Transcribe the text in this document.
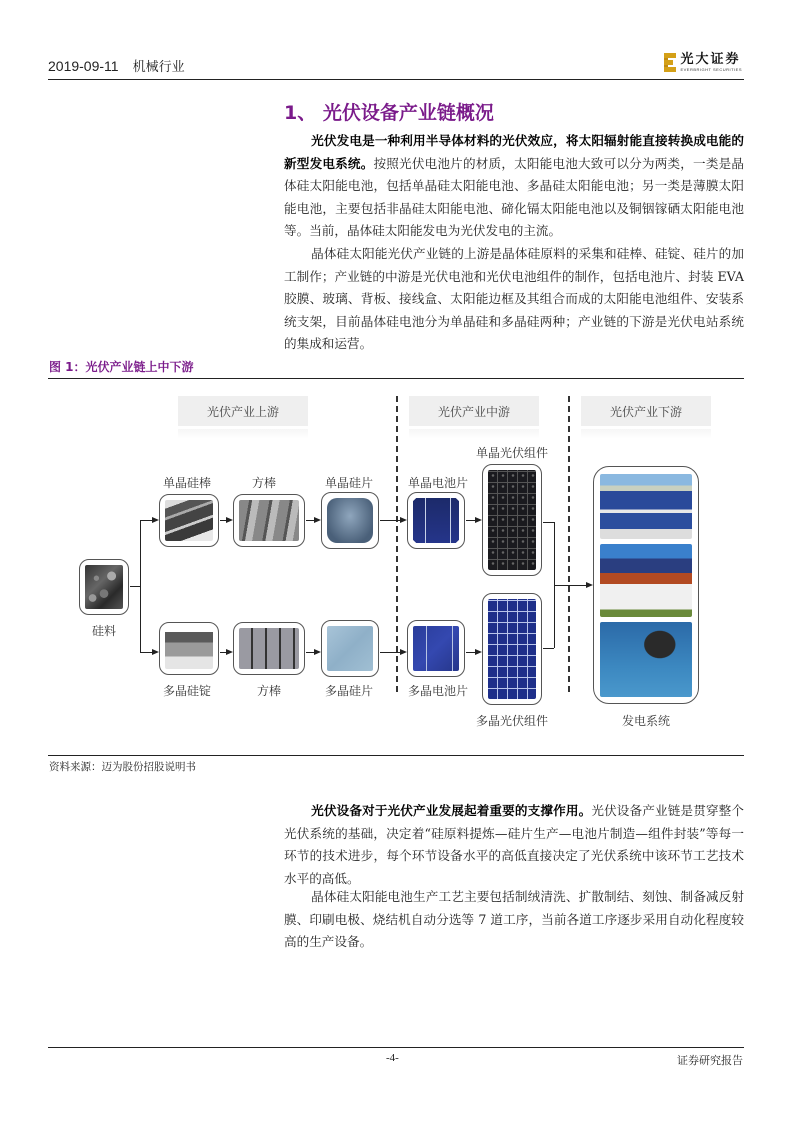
2019-09-11 机械行业
光大证券
EVERBRIGHT SECURITIES
1、 光伏设备产业链概况

光伏发电是一种利用半导体材料的光伏效应，将太阳辐射能直接转换成电能的新型发电系统。按照光伏电池片的材质，太阳能电池大致可以分为两类，一类是晶体硅太阳能电池，包括单晶硅太阳能电池、多晶硅太阳能电池；另一类是薄膜太阳能电池，主要包括非晶硅太阳能电池、碲化镉太阳能电池以及铜铟镓硒太阳能电池等。当前，晶体硅太阳能发电为光伏发电的主流。

晶体硅太阳能光伏产业链的上游是晶体硅原料的采集和硅棒、硅锭、硅片的加工制作；产业链的中游是光伏电池和光伏电池组件的制作，包括电池片、封装 EVA 胶膜、玻璃、背板、接线盒、太阳能边框及其组合而成的太阳能电池组件、安装系统支架，目前晶体硅电池分为单晶硅和多晶硅两种；产业链的下游是光伏电站系统的集成和运营。

图 1：光伏产业链上中下游
光伏产业上游	光伏产业中游	光伏产业下游
硅料
单晶硅棒	方棒	单晶硅片
多晶硅锭	方棒	多晶硅片
单晶电池片
多晶电池片
单晶光伏组件
多晶光伏组件	发电系统
资料来源：迈为股份招股说明书

光伏设备对于光伏产业发展起着重要的支撑作用。光伏设备产业链是贯穿整个光伏系统的基础，决定着“硅原料提炼—硅片生产—电池片制造—组件封装”等每一环节的技术进步，每个环节设备水平的高低直接决定了光伏系统中该环节工艺技术水平的高低。

晶体硅太阳能电池生产工艺主要包括制绒清洗、扩散制结、刻蚀、制备减反射膜、印刷电极、烧结机自动分选等 7 道工序，当前各道工序逐步采用自动化程度较高的生产设备。

-4-	证券研究报告
